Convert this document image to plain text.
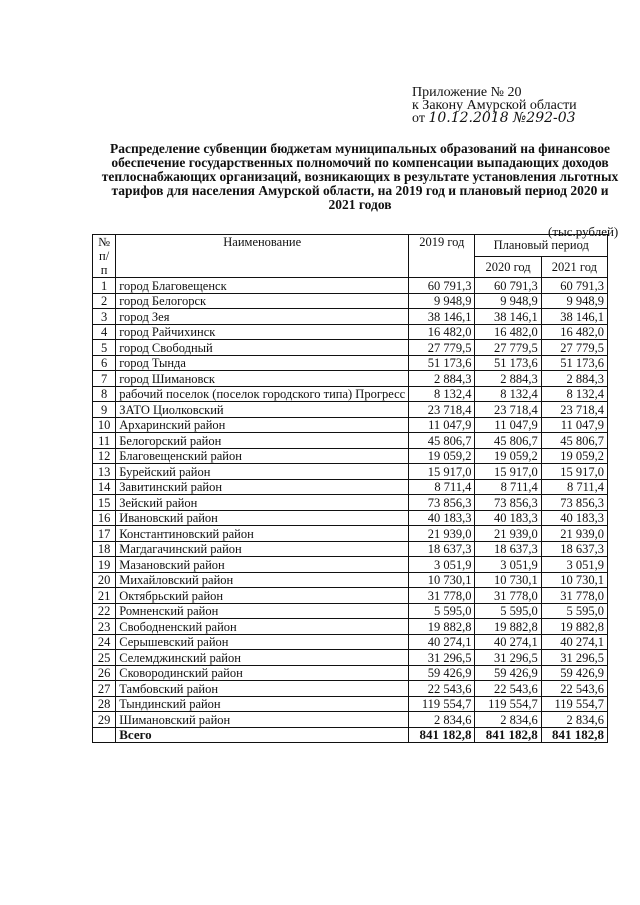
Приложение № 20
к Закону Амурской области
от 10.12.2018 №292-03
Распределение субвенции бюджетам муниципальных образований на финансовое обеспечение государственных полномочий по компенсации выпадающих доходов теплоснабжающих организаций, возникающих в результате установления льготных тарифов для населения Амурской области, на 2019 год и плановый период 2020 и 2021 годов
(тыс.рублей)
№ п/п	Наименование	2019 год	Плановый период	
			2020 год	2021 год
1	город Благовещенск	60 791,3	60 791,3	60 791,3
2	город Белогорск	9 948,9	9 948,9	9 948,9
3	город Зея	38 146,1	38 146,1	38 146,1
4	город Райчихинск	16 482,0	16 482,0	16 482,0
5	город Свободный	27 779,5	27 779,5	27 779,5
6	город Тында	51 173,6	51 173,6	51 173,6
7	город Шимановск	2 884,3	2 884,3	2 884,3
8	рабочий поселок (поселок городского типа) Прогресс	8 132,4	8 132,4	8 132,4
9	ЗАТО Циолковский	23 718,4	23 718,4	23 718,4
10	Архаринский район	11 047,9	11 047,9	11 047,9
11	Белогорский район	45 806,7	45 806,7	45 806,7
12	Благовещенский район	19 059,2	19 059,2	19 059,2
13	Бурейский район	15 917,0	15 917,0	15 917,0
14	Завитинский район	8 711,4	8 711,4	8 711,4
15	Зейский район	73 856,3	73 856,3	73 856,3
16	Ивановский район	40 183,3	40 183,3	40 183,3
17	Константиновский район	21 939,0	21 939,0	21 939,0
18	Магдагачинский район	18 637,3	18 637,3	18 637,3
19	Мазановский район	3 051,9	3 051,9	3 051,9
20	Михайловский район	10 730,1	10 730,1	10 730,1
21	Октябрьский район	31 778,0	31 778,0	31 778,0
22	Ромненский район	5 595,0	5 595,0	5 595,0
23	Свободненский район	19 882,8	19 882,8	19 882,8
24	Серышевский район	40 274,1	40 274,1	40 274,1
25	Селемджинский район	31 296,5	31 296,5	31 296,5
26	Сковородинский район	59 426,9	59 426,9	59 426,9
27	Тамбовский район	22 543,6	22 543,6	22 543,6
28	Тындинский район	119 554,7	119 554,7	119 554,7
29	Шимановский район	2 834,6	2 834,6	2 834,6
	Всего	841 182,8	841 182,8	841 182,8
